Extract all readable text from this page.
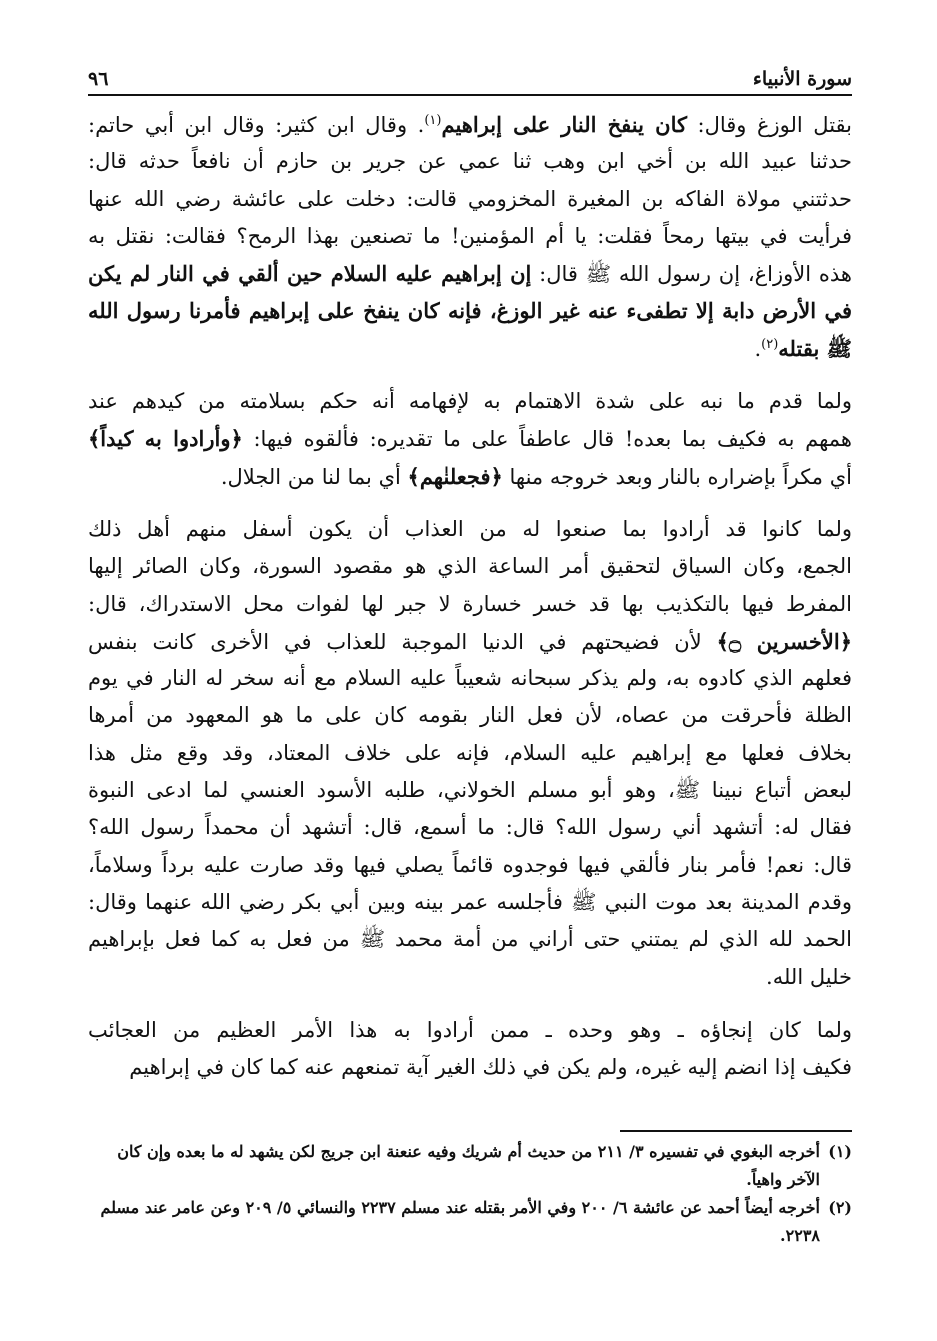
سورة الأنبياء
٩٦
بقتل الوزغ وقال: كان ينفخ النار على إبراهيم$^{(١)}$. وقال ابن كثير: وقال ابن أبي حاتم:
حدثنا عبيد الله بن أخي ابن وهب ثنا عمي عن جرير بن حازم أن نافعاً حدثه قال:
حدثتني مولاة الفاكه بن المغيرة المخزومي قالت: دخلت على عائشة رضي الله عنها
فرأيت في بيتها رمحاً فقلت: يا أم المؤمنين! ما تصنعين بهذا الرمح؟ فقالت: نقتل به
هذه الأوزاغ، إن رسول الله ﷺ قال: إن إبراهيم عليه السلام حين ألقي في النار لم يكن
في الأرض دابة إلا تطفىء عنه غير الوزغ، فإنه كان ينفخ على إبراهيم فأمرنا رسول الله
ﷺ بقتله$^{(٢)}$.
ولما قدم ما نبه على شدة الاهتمام به لإفهامه أنه حكم بسلامته من كيدهم عند
همهم به فكيف بما بعده! قال عاطفاً على ما تقديره: فألقوه فيها: ﴿وأرادوا به كيداً﴾
أي مكراً بإضراره بالنار وبعد خروجه منها ﴿فجعلنٰهم﴾ أي بما لنا من الجلال.
ولما كانوا قد أرادوا بما صنعوا له من العذاب أن يكون أسفل منهم أهل ذلك
الجمع، وكان السياق لتحقيق أمر الساعة الذي هو مقصود السورة، وكان الصائر إليها
المفرط فيها بالتكذيب بها قد خسر خسارة لا جبر لها لفوات محل الاستدراك، قال:
﴿الأخسرين ۝﴾ لأن فضيحتهم في الدنيا الموجبة للعذاب في الأخرى كانت بنفس
فعلهم الذي كادوه به، ولم يذكر سبحانه شعيباً عليه السلام مع أنه سخر له النار في يوم
الظلة فأحرقت من عصاه، لأن فعل النار بقومه كان على ما هو المعهود من أمرها
بخلاف فعلها مع إبراهيم عليه السلام، فإنه على خلاف المعتاد، وقد وقع مثل هذا
لبعض أتباع نبينا ﷺ، وهو أبو مسلم الخولاني، طلبه الأسود العنسي لما ادعى النبوة
فقال له: أتشهد أني رسول الله؟ قال: ما أسمع، قال: أتشهد أن محمداً رسول الله؟
قال: نعم! فأمر بنار فألقي فيها فوجدوه قائماً يصلي فيها وقد صارت عليه برداً وسلاماً،
وقدم المدينة بعد موت النبي ﷺ فأجلسه عمر بينه وبين أبي بكر رضي الله عنهما وقال:
الحمد لله الذي لم يمتني حتى أراني من أمة محمد ﷺ من فعل به كما فعل بإبراهيم
خليل الله.
ولما كان إنجاؤه ـ وهو وحده ـ ممن أرادوا به هذا الأمر العظيم من العجائب
فكيف إذا انضم إليه غيره، ولم يكن في ذلك الغير آية تمنعهم عنه كما كان في إبراهيم
(١)
أخرجه البغوي في تفسيره ٣/ ٢١١ من حديث أم شريك وفيه عنعنة ابن جريج لكن يشهد له ما بعده وإن كان الآخر واهياً.
(٢)
أخرجه أيضاً أحمد عن عائشة ٦/ ٢٠٠ وفي الأمر بقتله عند مسلم ٢٢٣٧ والنسائي ٥/ ٢٠٩ وعن عامر عند مسلم ٢٢٣٨.
